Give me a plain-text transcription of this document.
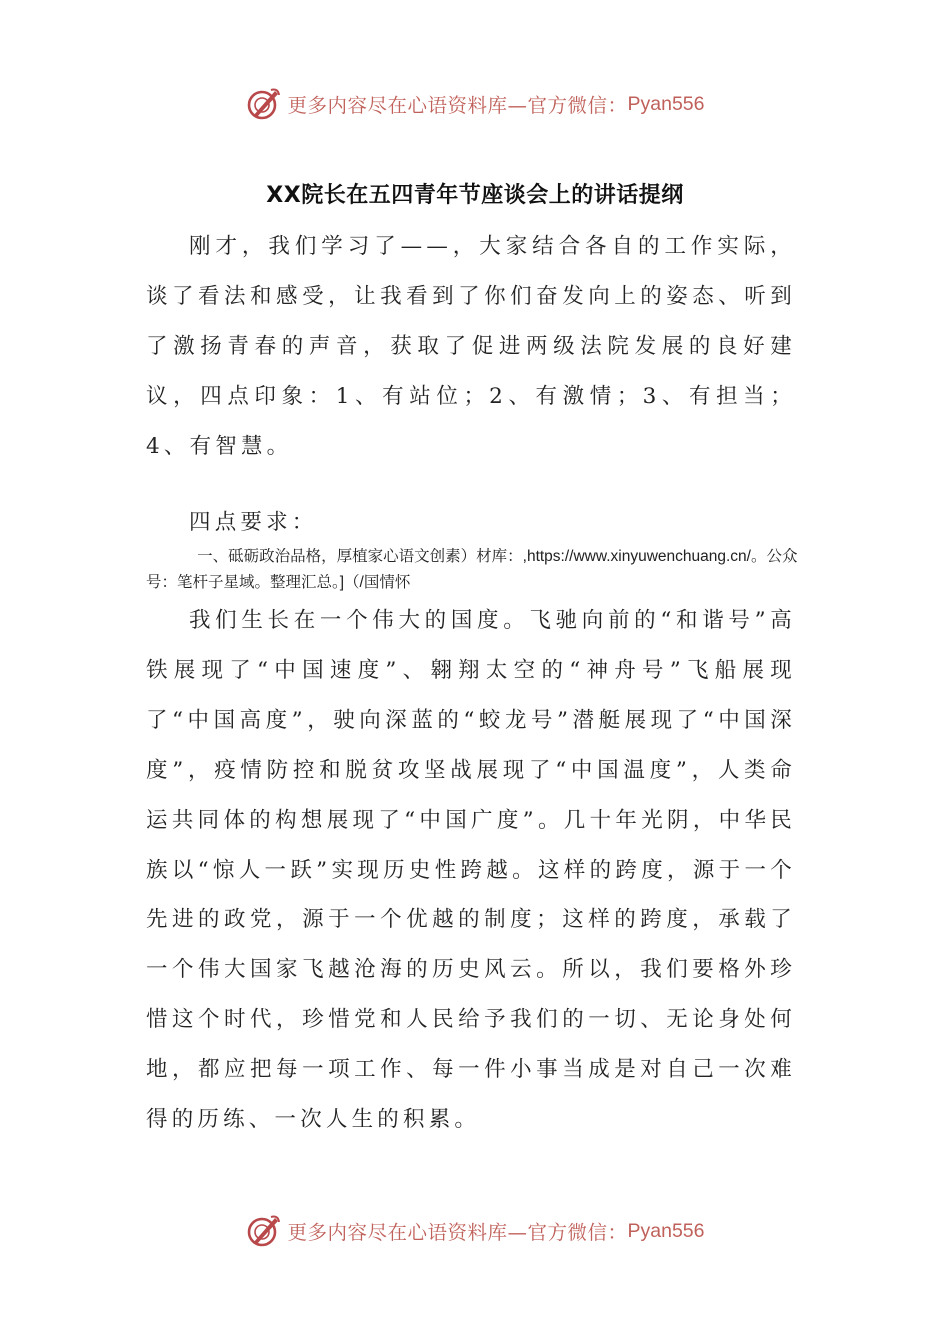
更多内容尽在心语资料库 —官方微信： Pyan556
XX院长在五四青年节座谈会上的讲话提纲

刚才，我们学习了——，大家结合各自的工作实际，谈了看法和感受，让我看到了你们奋发向上的姿态、听到了激扬青春的声音，获取了促进两级法院发展的良好建议，四点印象：1、有站位；2、有激情；3、有担当；4、有智慧。

四点要求：

一、砥砺政治品格，厚植家心语文创素）材库：,https://www.xinyuwenchuang.cn/。公众号：笔杆子星域。整理汇总。]（/国情怀

我们生长在一个伟大的国度。飞驰向前的“和谐号”高铁展现了“中国速度”、翱翔太空的“神舟号”飞船展现了“中国高度”，驶向深蓝的“蛟龙号”潜艇展现了“中国深度”，疫情防控和脱贫攻坚战展现了“中国温度”，人类命运共同体的构想展现了“中国广度”。几十年光阴，中华民族以“惊人一跃”实现历史性跨越。这样的跨度，源于一个先进的政党，源于一个优越的制度；这样的跨度，承载了一个伟大国家飞越沧海的历史风云。所以，我们要格外珍惜这个时代，珍惜党和人民给予我们的一切、无论身处何地，都应把每一项工作、每一件小事当成是对自己一次难得的历练、一次人生的积累。

更多内容尽在心语资料库 —官方微信： Pyan556
